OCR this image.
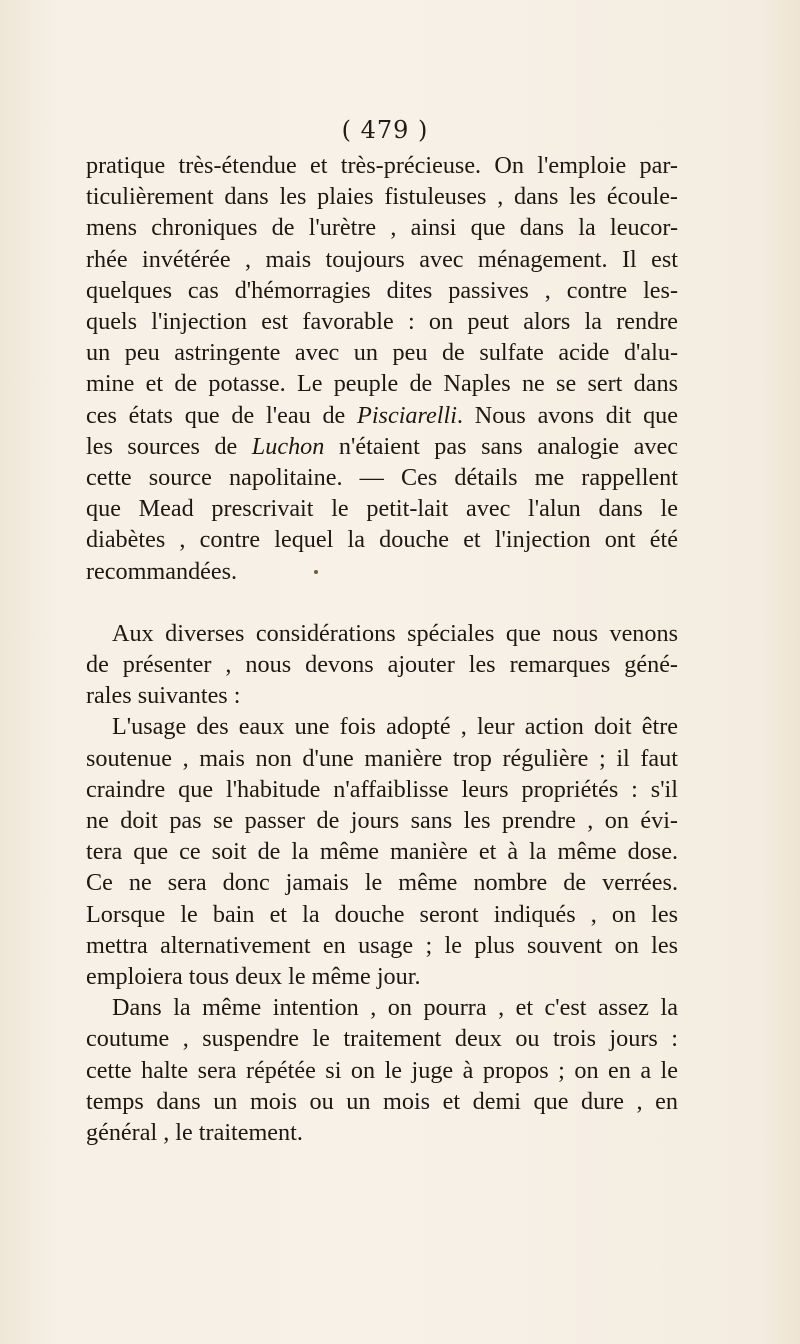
( 479 )
pratique très-étendue et très-précieuse. On l'emploie par-
ticulièrement dans les plaies fistuleuses , dans les écoule-
mens chroniques de l'urètre , ainsi que dans la leucor-
rhée invétérée , mais toujours avec ménagement. Il est
quelques cas d'hémorragies dites passives , contre les-
quels l'injection est favorable : on peut alors la rendre
un peu astringente avec un peu de sulfate acide d'alu-
mine et de potasse. Le peuple de Naples ne se sert dans
ces états que de l'eau de Pisciarelli. Nous avons dit que
les sources de Luchon n'étaient pas sans analogie avec
cette source napolitaine. — Ces détails me rappellent
que Mead prescrivait le petit-lait avec l'alun dans le
diabètes , contre lequel la douche et l'injection ont été
recommandées.
Aux diverses considérations spéciales que nous venons
de présenter , nous devons ajouter les remarques géné-
rales suivantes :
L'usage des eaux une fois adopté , leur action doit être
soutenue , mais non d'une manière trop régulière ; il faut
craindre que l'habitude n'affaiblisse leurs propriétés : s'il
ne doit pas se passer de jours sans les prendre , on évi-
tera que ce soit de la même manière et à la même dose.
Ce ne sera donc jamais le même nombre de verrées.
Lorsque le bain et la douche seront indiqués , on les
mettra alternativement en usage ; le plus souvent on les
emploiera tous deux le même jour.
Dans la même intention , on pourra , et c'est assez la
coutume , suspendre le traitement deux ou trois jours :
cette halte sera répétée si on le juge à propos ; on en a le
temps dans un mois ou un mois et demi que dure , en
général , le traitement.
